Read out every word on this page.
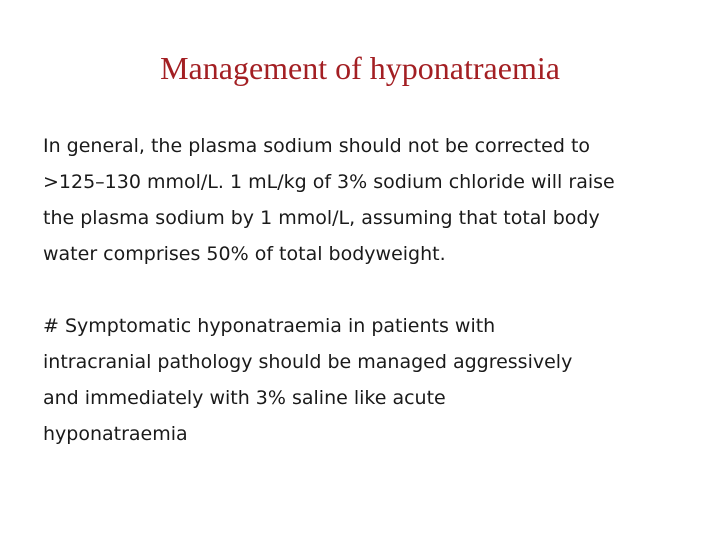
Management of hyponatraemia

In general, the plasma sodium should not be corrected to
>125–130 mmol/L. 1 mL/kg of 3% sodium chloride will raise
the plasma sodium by 1 mmol/L, assuming that total body
water comprises 50% of total bodyweight.

# Symptomatic hyponatraemia in patients with
intracranial pathology should be managed aggressively
and immediately with 3% saline like acute
hyponatraemia
